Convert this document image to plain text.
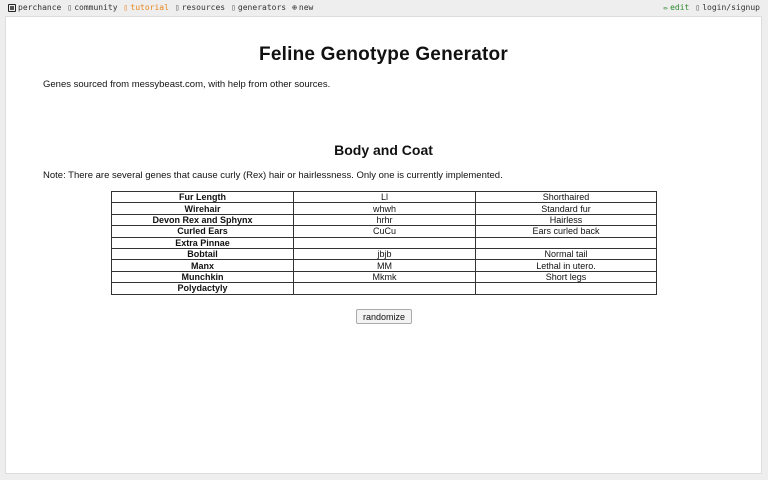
perchance ▯ community ▯ tutorial ▯ resources ▯ generators ⊕ new	✏ edit ▯ login/signup
Feline Genotype Generator

Genes sourced from messybeast.com, with help from other sources.

Body and Coat

Note: There are several genes that cause curly (Rex) hair or hairlessness. Only one is currently implemented.

Fur Length	Ll	Shorthaired
Wirehair	whwh	Standard fur
Devon Rex and Sphynx	hrhr	Hairless
Curled Ears	CuCu	Ears curled back
Extra Pinnae		
Bobtail	jbjb	Normal tail
Manx	MM	Lethal in utero.
Munchkin	Mkmk	Short legs
Polydactyly		
randomize
